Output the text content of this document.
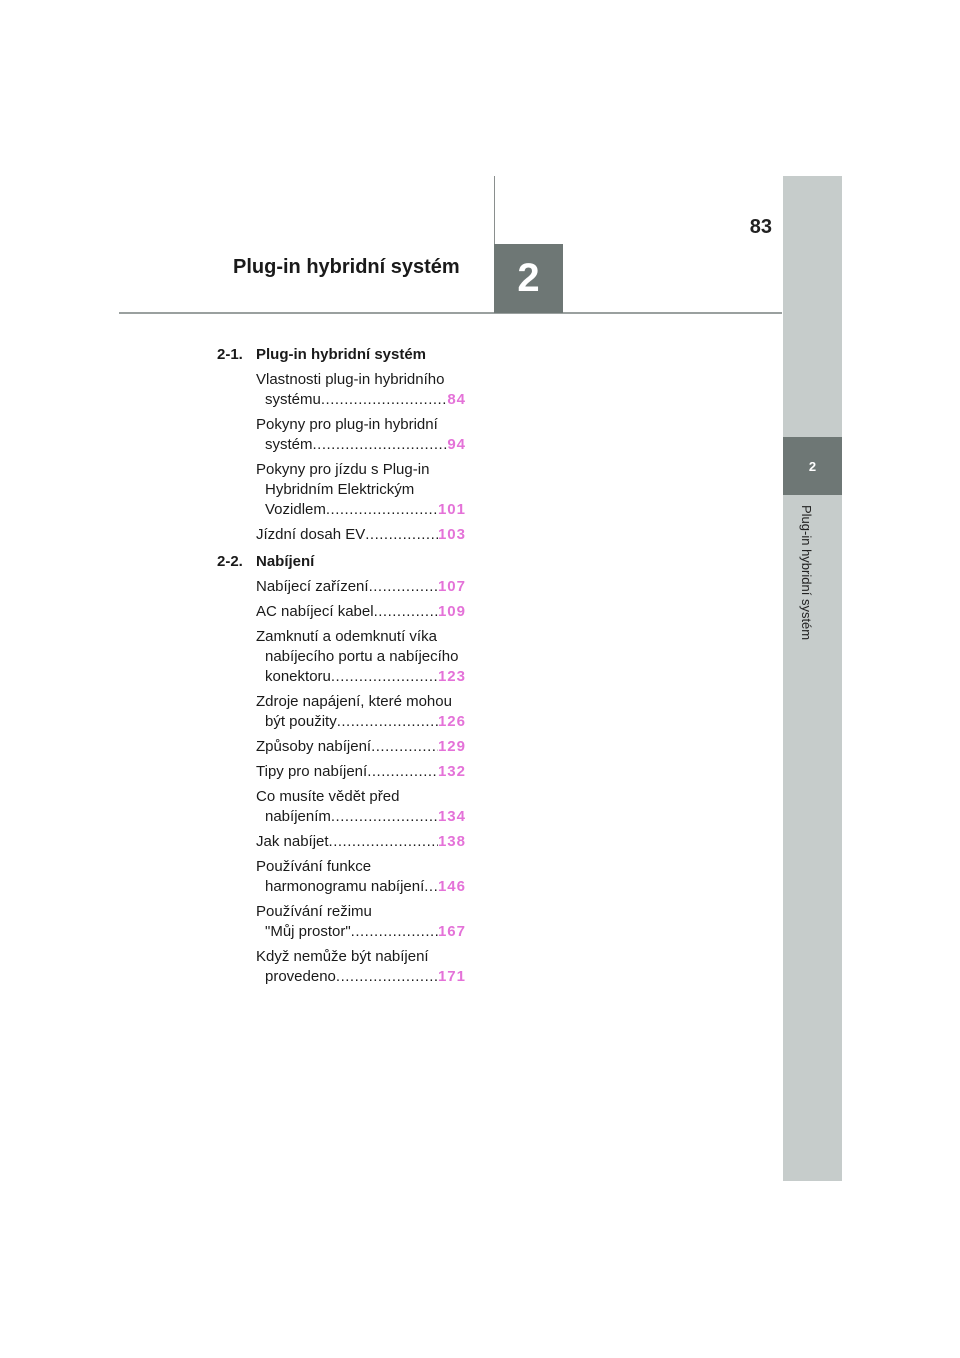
2
Plug-in hybridní systém
83
2
Plug-in hybridní systém
2-1. Plug-in hybridní systém
Vlastnosti plug-in hybridního
systému .....	84
Pokyny pro plug-in hybridní
systém .....	94
Pokyny pro jízdu s Plug-in
Hybridním Elektrickým
Vozidlem .....	101
Jízdní dosah EV .....	103
2-2. Nabíjení
Nabíjecí zařízení .....	107
AC nabíjecí kabel .....	109
Zamknutí a odemknutí víka
nabíjecího portu a nabíjecího
konektoru .....	123
Zdroje napájení, které mohou
být použity .....	126
Způsoby nabíjení .....	129
Tipy pro nabíjení .....	132
Co musíte vědět před
nabíjením .....	134
Jak nabíjet .....	138
Používání funkce
harmonogramu nabíjení ..... 146
Používání režimu
"Můj prostor" .....	167
Když nemůže být nabíjení
provedeno .....	171
